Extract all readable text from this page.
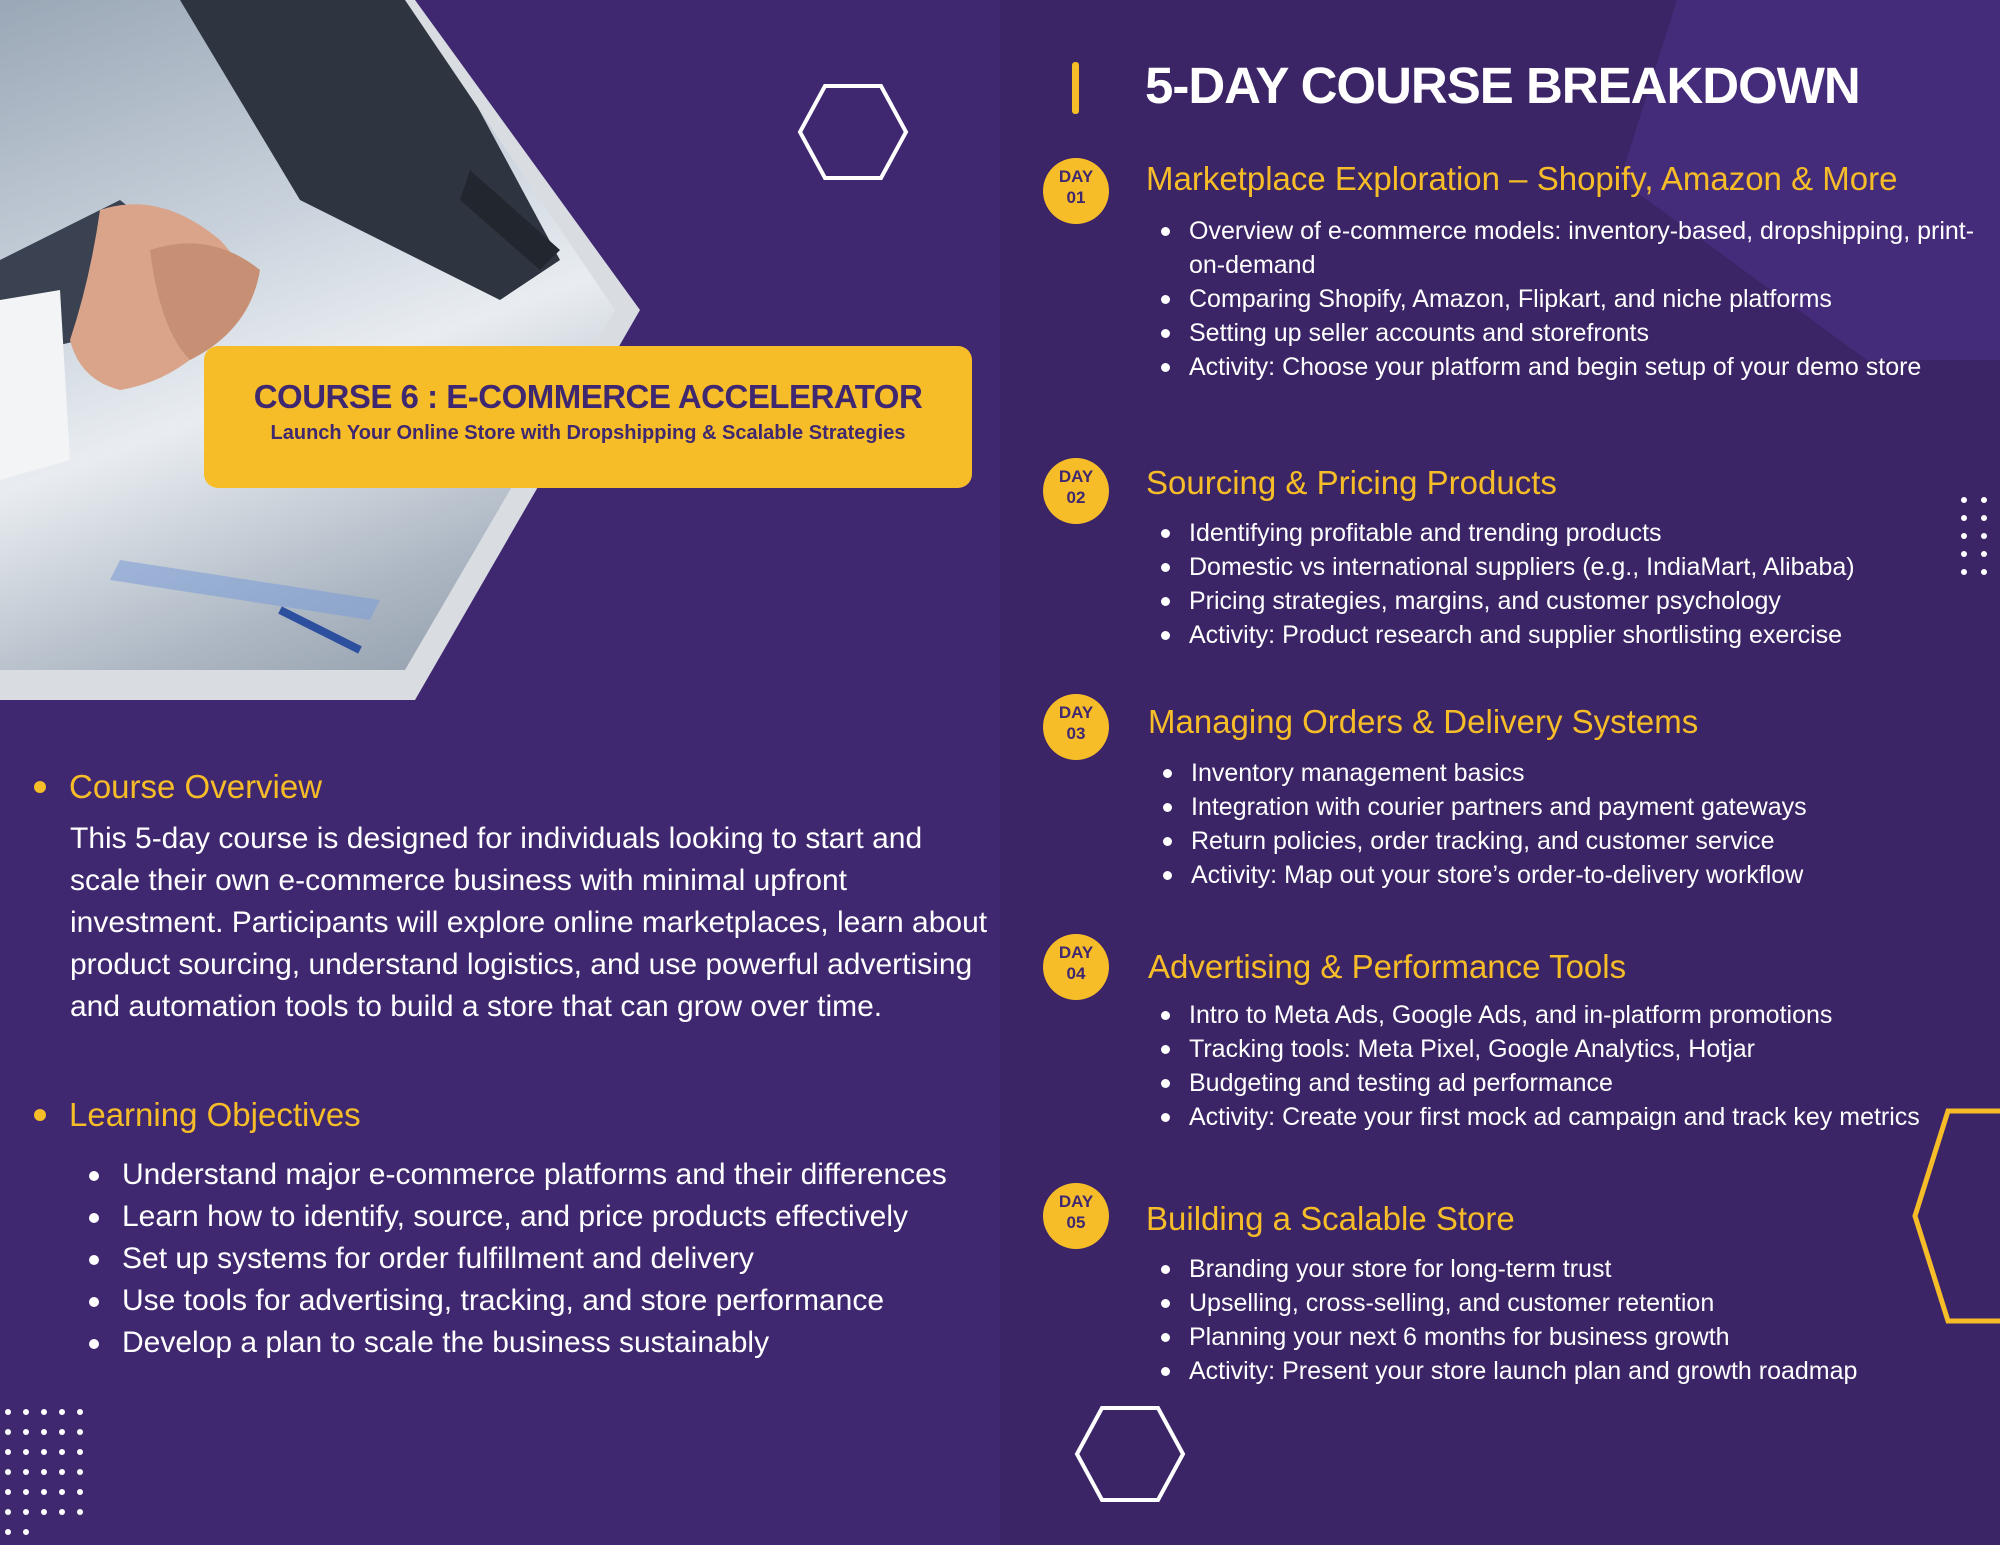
COURSE 6 : E-COMMERCE ACCELERATOR
Launch Your Online Store with Dropshipping & Scalable Strategies
Course Overview
This 5-day course is designed for individuals looking to start and scale their own e-commerce business with minimal upfront investment. Participants will explore online marketplaces, learn about product sourcing, understand logistics, and use powerful advertising and automation tools to build a store that can grow over time.
Learning Objectives
Understand major e-commerce platforms and their differences
Learn how to identify, source, and price products effectively
Set up systems for order fulfillment and delivery
Use tools for advertising, tracking, and store performance
Develop a plan to scale the business sustainably
5-DAY COURSE BREAKDOWN
DAY
01
Marketplace Exploration – Shopify, Amazon & More
Overview of e-commerce models: inventory-based, dropshipping, print-on-demand
Comparing Shopify, Amazon, Flipkart, and niche platforms
Setting up seller accounts and storefronts
Activity: Choose your platform and begin setup of your demo store
DAY
02	Sourcing & Pricing Products
Identifying profitable and trending products
Domestic vs international suppliers (e.g., IndiaMart, Alibaba)
Pricing strategies, margins, and customer psychology
Activity: Product research and supplier shortlisting exercise
DAY
03	Managing Orders & Delivery Systems
Inventory management basics
Integration with courier partners and payment gateways
Return policies, order tracking, and customer service
Activity: Map out your store’s order-to-delivery workflow
DAY
04	Advertising & Performance Tools
Intro to Meta Ads, Google Ads, and in-platform promotions
Tracking tools: Meta Pixel, Google Analytics, Hotjar
Budgeting and testing ad performance
Activity: Create your first mock ad campaign and track key metrics
DAY
05	Building a Scalable Store
Branding your store for long-term trust
Upselling, cross-selling, and customer retention
Planning your next 6 months for business growth
Activity: Present your store launch plan and growth roadmap
